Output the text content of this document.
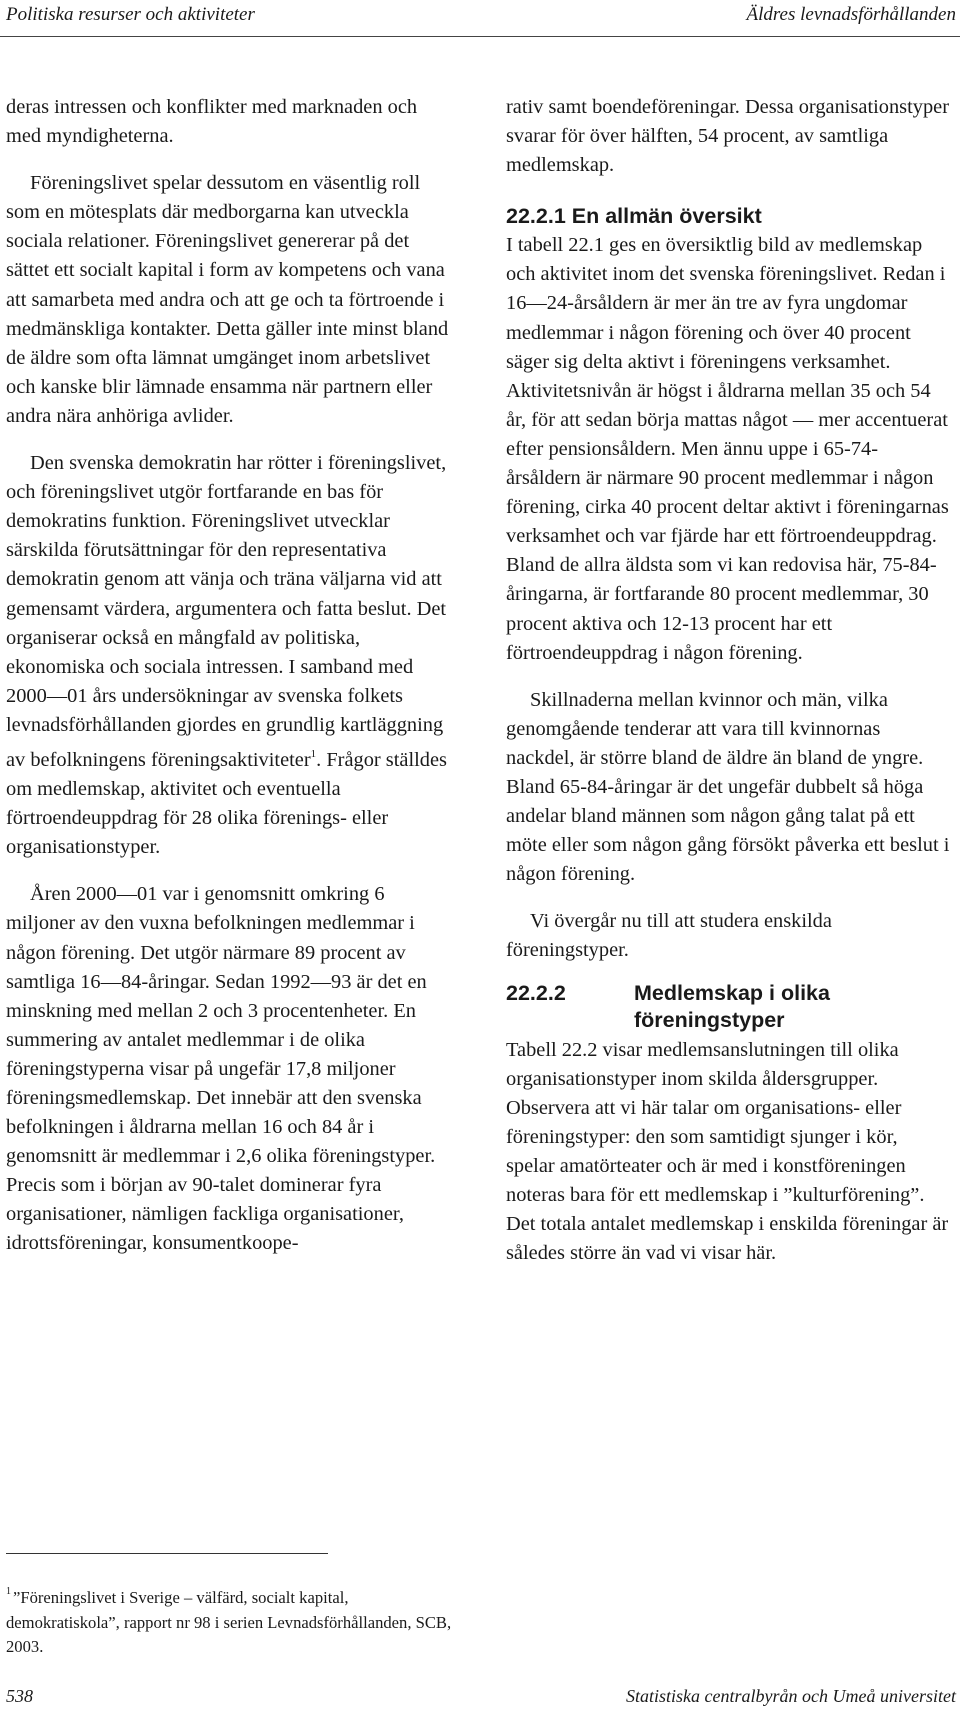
Politiska resurser och aktiviteter	Äldres levnadsförhållanden

deras intressen och konflikter med marknaden och med myndigheterna.

Föreningslivet spelar dessutom en väsentlig roll som en mötesplats där medborgarna kan utveckla sociala relationer. Föreningslivet genererar på det sättet ett socialt kapital i form av kompetens och vana att samarbeta med andra och att ge och ta förtroende i medmänskliga kontakter. Detta gäller inte minst bland de äldre som ofta lämnat umgänget inom arbetslivet och kanske blir lämnade ensamma när partnern eller andra nära anhöriga avlider.

Den svenska demokratin har rötter i föreningslivet, och föreningslivet utgör fortfarande en bas för demokratins funktion. Föreningslivet utvecklar särskilda förutsättningar för den representativa demokratin genom att vänja och träna väljarna vid att gemensamt värdera, argumentera och fatta beslut. Det organiserar också en mångfald av politiska, ekonomiska och sociala intressen. I samband med 2000—01 års undersökningar av svenska folkets levnadsförhållanden gjordes en grundlig kartläggning av befolkningens föreningsaktiviteter$^1$. Frågor ställdes om medlemskap, aktivitet och eventuella förtroendeuppdrag för 28 olika förenings- eller organisationstyper.

Åren 2000—01 var i genomsnitt omkring 6 miljoner av den vuxna befolkningen medlemmar i någon förening. Det utgör närmare 89 procent av samtliga 16—84-åringar. Sedan 1992—93 är det en minskning med mellan 2 och 3 procentenheter. En summering av antalet medlemmar i de olika föreningstyperna visar på ungefär 17,8 miljoner föreningsmedlemskap. Det innebär att den svenska befolkningen i åldrarna mellan 16 och 84 år i genomsnitt är medlemmar i 2,6 olika föreningstyper. Precis som i början av 90-talet dominerar fyra organisationer, nämligen fackliga organisationer, idrottsföreningar, konsumentkoope-

rativ samt boendeföreningar. Dessa organisationstyper svarar för över hälften, 54 procent, av samtliga medlemskap.

22.2.1 En allmän översikt

I tabell 22.1 ges en översiktlig bild av medlemskap och aktivitet inom det svenska föreningslivet. Redan i 16—24-årsåldern är mer än tre av fyra ungdomar medlemmar i någon förening och över 40 procent säger sig delta aktivt i föreningens verksamhet. Aktivitetsnivån är högst i åldrarna mellan 35 och 54 år, för att sedan börja mattas något — mer accentuerat efter pensionsåldern. Men ännu uppe i 65-74-årsåldern är närmare 90 procent medlemmar i någon förening, cirka 40 procent deltar aktivt i föreningarnas verksamhet och var fjärde har ett förtroendeuppdrag. Bland de allra äldsta som vi kan redovisa här, 75-84-åringarna, är fortfarande 80 procent medlemmar, 30 procent aktiva och 12-13 procent har ett förtroendeuppdrag i någon förening.

Skillnaderna mellan kvinnor och män, vilka genomgående tenderar att vara till kvinnornas nackdel, är större bland de äldre än bland de yngre. Bland 65-84-åringar är det ungefär dubbelt så höga andelar bland männen som någon gång talat på ett möte eller som någon gång försökt påverka ett beslut i någon förening.

Vi övergår nu till att studera enskilda föreningstyper.

22.2.2	Medlemskap i olika föreningstyper

Tabell 22.2 visar medlemsanslutningen till olika organisationstyper inom skilda åldersgrupper. Observera att vi här talar om organisations- eller föreningstyper: den som samtidigt sjunger i kör, spelar amatörteater och är med i konstföreningen noteras bara för ett medlemskap i ”kulturförening”. Det totala antalet medlemskap i enskilda föreningar är således större än vad vi visar här.

$^1$ ”Föreningslivet i Sverige – välfärd, socialt kapital, demokratiskola”, rapport nr 98 i serien Levnadsförhållanden, SCB, 2003.
538	Statistiska centralbyrån och Umeå universitet
